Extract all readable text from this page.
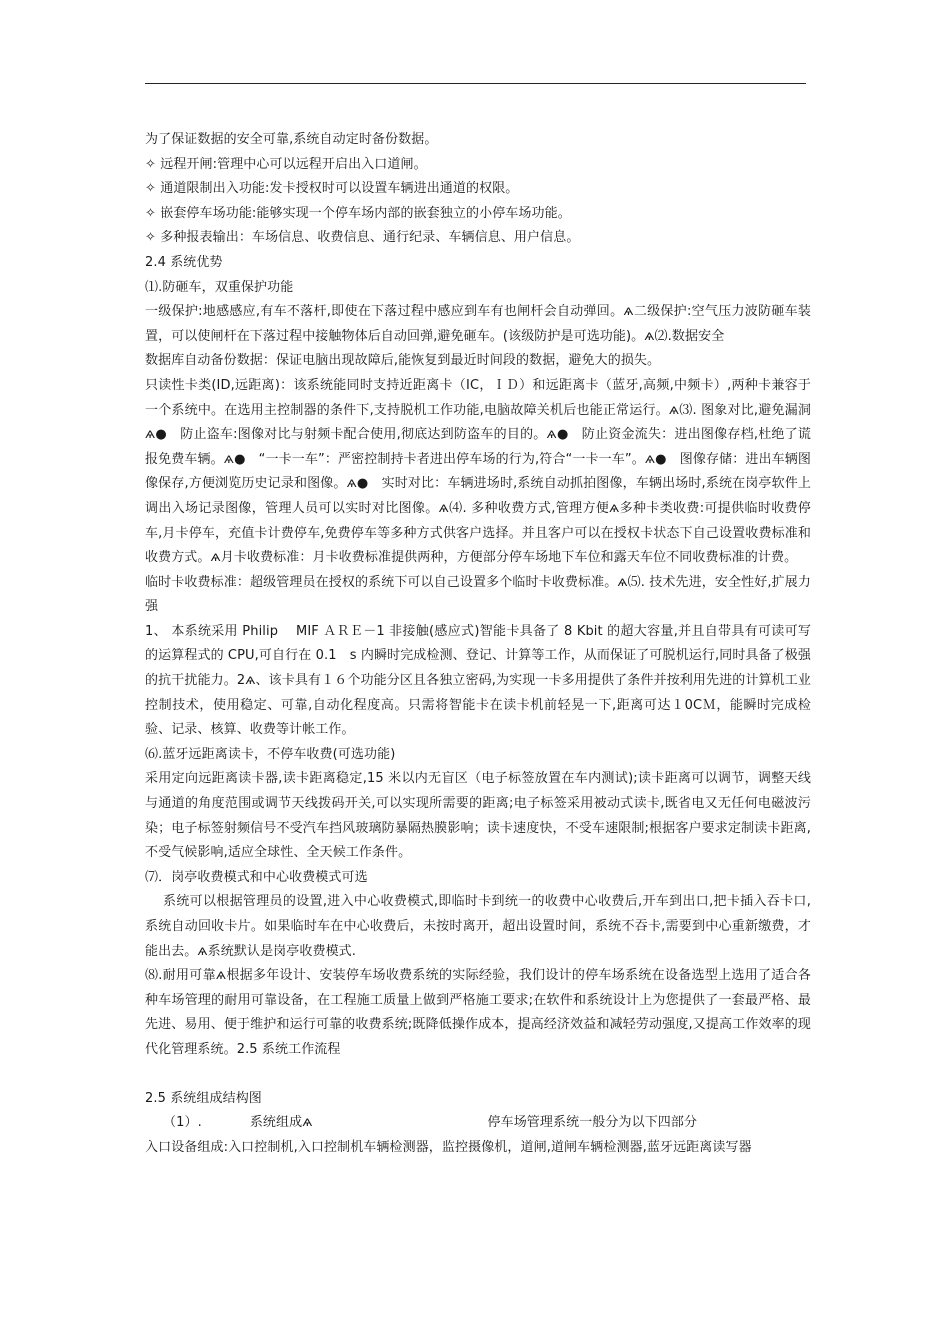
为了保证数据的安全可靠,系统自动定时备份数据。

✧ 远程开闸:管理中心可以远程开启出入口道闸。

✧ 通道限制出入功能:发卡授权时可以设置车辆进出通道的权限。

✧ 嵌套停车场功能:能够实现一个停车场内部的嵌套独立的小停车场功能。

✧ 多种报表输出：车场信息、收费信息、通行纪录、车辆信息、用户信息。

2.4 系统优势

⑴.防砸车，双重保护功能

一级保护:地感感应,有车不落杆,即使在下落过程中感应到车有也闸杆会自动弹回。ѧ二级保护:空气压力波防砸车装置，可以使闸杆在下落过程中接触物体后自动回弹,避免砸车。(该级防护是可选功能)。ѧ⑵.数据安全

数据库自动备份数据：保证电脑出现故障后,能恢复到最近时间段的数据，避免大的损失。

只读性卡类(ID,远距离)：该系统能同时支持近距离卡（IC，ＩＤ）和远距离卡（蓝牙,高频,中频卡）,两种卡兼容于一个系统中。在选用主控制器的条件下,支持脱机工作功能,电脑故障关机后也能正常运行。ѧ⑶. 图象对比,避免漏洞ѧ●　防止盗车:图像对比与射频卡配合使用,彻底达到防盗车的目的。ѧ●　防止资金流失：进出图像存档,杜绝了谎报免费车辆。ѧ●　“一卡一车”：严密控制持卡者进出停车场的行为,符合“一卡一车”。ѧ●　图像存储：进出车辆图像保存,方便浏览历史记录和图像。ѧ●　实时对比：车辆进场时,系统自动抓拍图像，车辆出场时,系统在岗亭软件上调出入场记录图像，管理人员可以实时对比图像。ѧ⑷. 多种收费方式,管理方便ѧ多种卡类收费:可提供临时收费停车,月卡停车，充值卡计费停车,免费停车等多种方式供客户选择。并且客户可以在授权卡状态下自己设置收费标准和收费方式。ѧ月卡收费标准：月卡收费标准提供两种，方便部分停车场地下车位和露天车位不同收费标准的计费。

临时卡收费标准：超级管理员在授权的系统下可以自己设置多个临时卡收费标准。ѧ⑸. 技术先进，安全性好,扩展力强

1、 本系统采用 Philip　 MIF ＡＲＥ－1 非接触(感应式)智能卡具备了 8 Kbit 的超大容量,并且自带具有可读可写的运算程式的 CPU,可自行在 0.1　s 内瞬时完成检测、登记、计算等工作，从而保证了可脱机运行,同时具备了极强的抗干扰能力。2ѧ、该卡具有１６个功能分区且各独立密码,为实现一卡多用提供了条件并按利用先进的计算机工业控制技术，使用稳定、可靠,自动化程度高。只需将智能卡在读卡机前轻晃一下,距离可达１0CＭ，能瞬时完成检验、记录、核算、收费等计帐工作。

⑹.蓝牙远距离读卡，不停车收费(可选功能)

采用定向远距离读卡器,读卡距离稳定,15 米以内无盲区（电子标签放置在车内测试);读卡距离可以调节，调整天线与通道的角度范围或调节天线拨码开关,可以实现所需要的距离;电子标签采用被动式读卡,既省电又无任何电磁波污染；电子标签射频信号不受汽车挡风玻璃防暴隔热膜影响；读卡速度快，不受车速限制;根据客户要求定制读卡距离,不受气候影响,适应全球性、全天候工作条件。

⑺．岗亭收费模式和中心收费模式可选

系统可以根据管理员的设置,进入中心收费模式,即临时卡到统一的收费中心收费后,开车到出口,把卡插入吞卡口,系统自动回收卡片。如果临时车在中心收费后，未按时离开，超出设置时间，系统不吞卡,需要到中心重新缴费，才能出去。ѧ系统默认是岗亭收费模式.

⑻.耐用可靠ѧ根据多年设计、安装停车场收费系统的实际经验，我们设计的停车场系统在设备选型上选用了适合各种车场管理的耐用可靠设备，在工程施工质量上做到严格施工要求;在软件和系统设计上为您提供了一套最严格、最先进、易用、便于维护和运行可靠的收费系统;既降低操作成本，提高经济效益和减轻劳动强度,又提高工作效率的现代化管理系统。2.5 系统工作流程

2.5 系统组成结构图

（1）.	系统组成ѧ	停车场管理系统一般分为以下四部分

入口设备组成:入口控制机,入口控制机车辆检测器，监控摄像机，道闸,道闸车辆检测器,蓝牙远距离读写器
